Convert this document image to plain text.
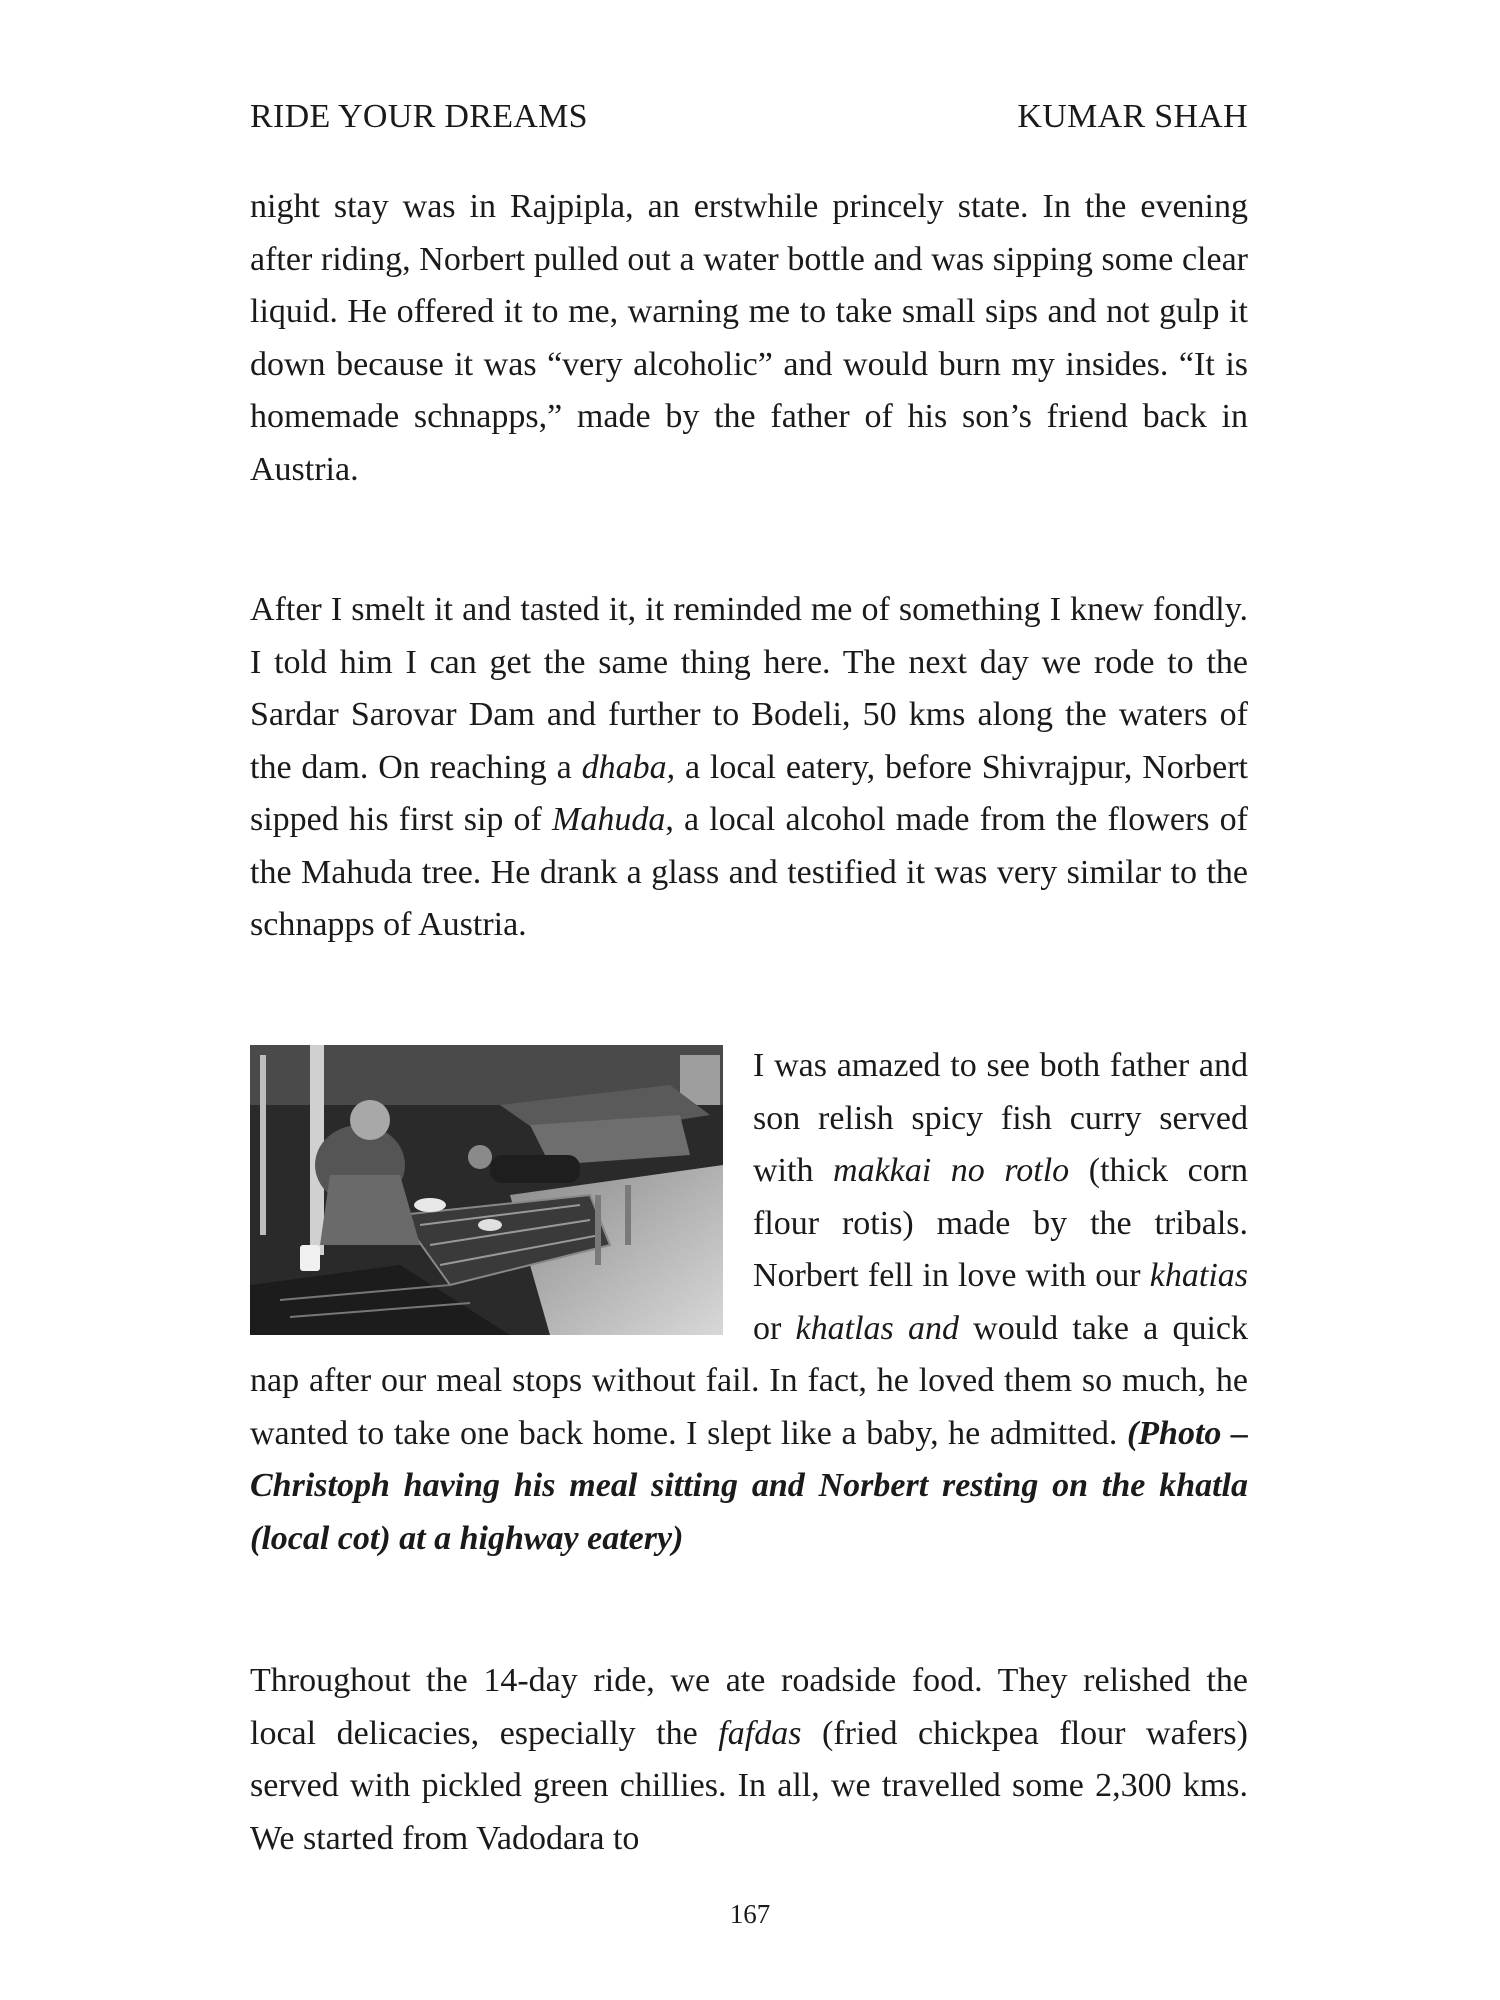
RIDE YOUR DREAMS	KUMAR SHAH

night stay was in Rajpipla, an erstwhile princely state. In the evening after riding, Norbert pulled out a water bottle and was sipping some clear liquid. He offered it to me, warning me to take small sips and not gulp it down because it was “very alcoholic” and would burn my insides. “It is homemade schnapps,” made by the father of his son’s friend back in Austria.

After I smelt it and tasted it, it reminded me of something I knew fondly. I told him I can get the same thing here. The next day we rode to the Sardar Sarovar Dam and further to Bodeli, 50 kms along the waters of the dam. On reaching a dhaba, a local eatery, before Shivrajpur, Norbert sipped his first sip of Mahuda, a local alcohol made from the flowers of the Mahuda tree. He drank a glass and testified it was very similar to the schnapps of Austria.

I was amazed to see both father and son relish spicy fish curry served with makkai no rotlo (thick corn flour rotis) made by the tribals. Norbert fell in love with our khatias or khatlas and would take a quick nap after our meal stops without fail. In fact, he loved them so much, he wanted to take one back home. I slept like a baby, he admitted. (Photo – Christoph having his meal sitting and Norbert resting on the khatla (local cot) at a highway eatery)

Throughout the 14-day ride, we ate roadside food. They relished the local delicacies, especially the fafdas (fried chickpea flour wafers) served with pickled green chillies. In all, we travelled some 2,300 kms. We started from Vadodara to

167
